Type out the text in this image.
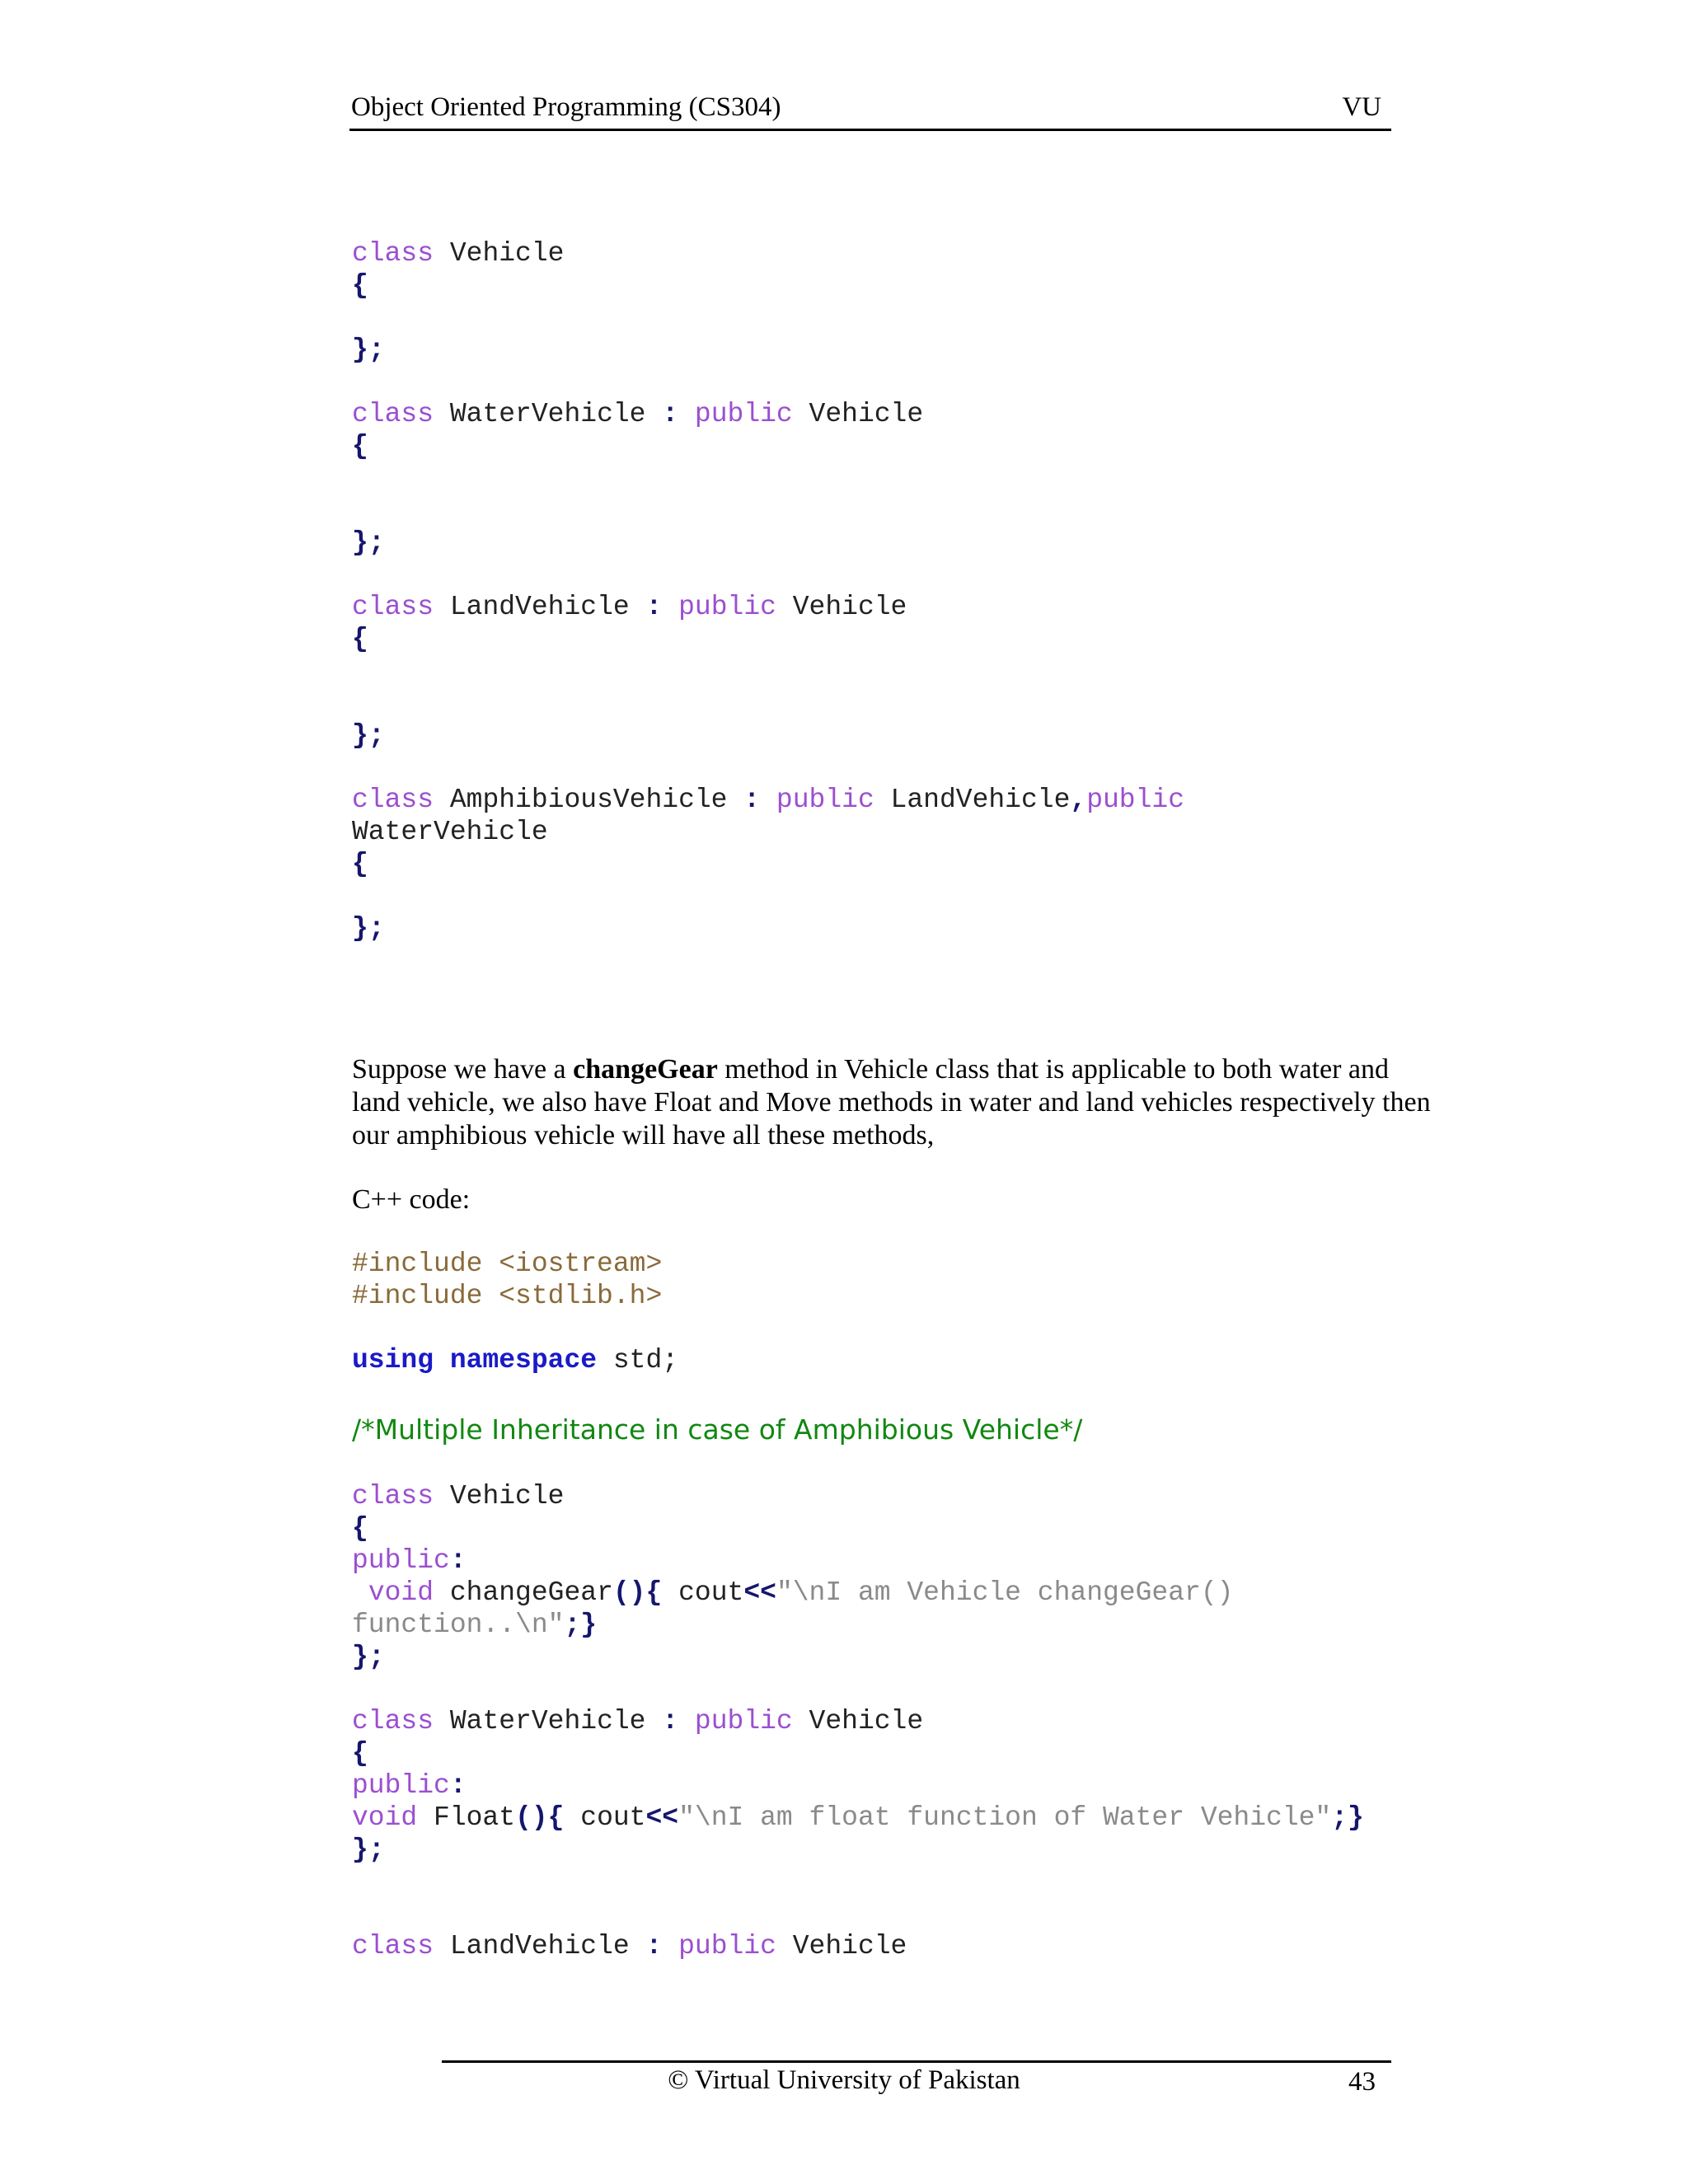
Object Oriented Programming (CS304)	VU
class Vehicle
{

};

class WaterVehicle : public Vehicle
{

};

class LandVehicle : public Vehicle
{

};

class AmphibiousVehicle : public LandVehicle,public
WaterVehicle
{

};
Suppose we have a changeGear method in Vehicle class that is applicable to both water and land vehicle, we also have Float and Move methods in water and land vehicles respectively then our amphibious vehicle will have all these methods,
C++ code:
#include <iostream>
#include <stdlib.h>
using namespace std;
/*Multiple Inheritance in case of Amphibious Vehicle*/
class Vehicle
{
public:
void changeGear(){ cout<<"\nI am Vehicle changeGear()
function..\n";}
};

class WaterVehicle : public Vehicle
{
public:
void Float(){ cout<<"\nI am float function of Water Vehicle";}
};

class LandVehicle : public Vehicle
© Virtual University of Pakistan	43
